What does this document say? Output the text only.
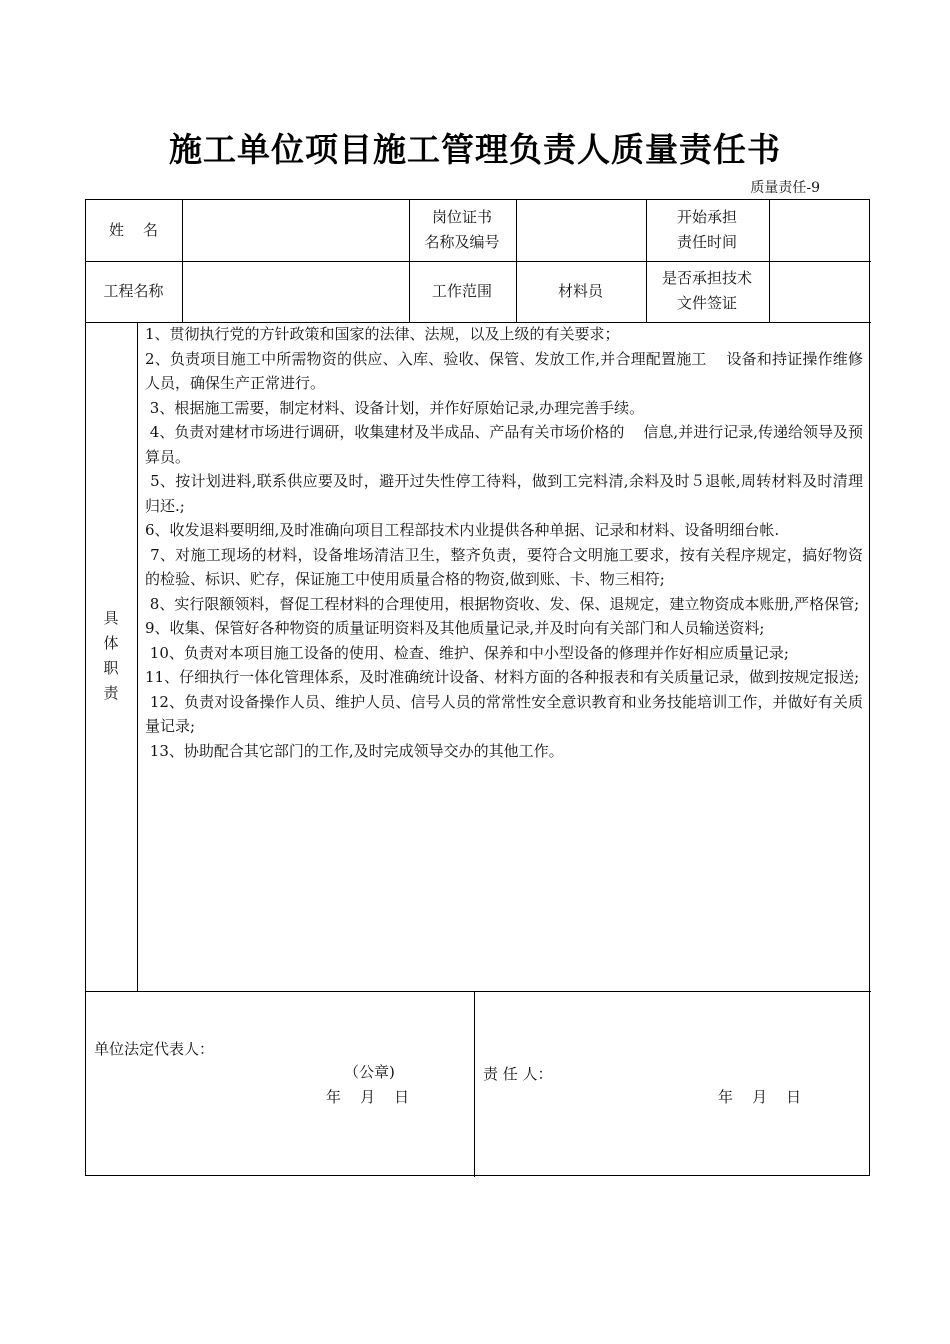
施工单位项目施工管理负责人质量责任书
质量责任-9
姓    名
岗位证书
名称及编号
开始承担
责任时间
工程名称	工作范围	材料员
是否承担技术
文件签证
具
体
职
责
1、贯彻执行党的方针政策和国家的法律、法规，以及上级的有关要求；
2、负责项目施工中所需物资的供应、入库、验收、保管、发放工作,并合理配置施工    设备和持证操作维修人员，确保生产正常进行。
3、根据施工需要，制定材料、设备计划，并作好原始记录,办理完善手续。
4、负责对建材市场进行调研，收集建材及半成品、产品有关市场价格的    信息,并进行记录,传递给领导及预算员。
5、按计划进料,联系供应要及时，避开过失性停工待料，做到工完料清,余料及时５退帐,周转材料及时清理归还.;
6、收发退料要明细,及时准确向项目工程部技术内业提供各种单据、记录和材料、设备明细台帐.
7、对施工现场的材料，设备堆场清洁卫生，整齐负责，要符合文明施工要求，按有关程序规定，搞好物资的检验、标识、贮存，保证施工中使用质量合格的物资,做到账、卡、物三相符;
8、实行限额领料，督促工程材料的合理使用，根据物资收、发、保、退规定，建立物资成本账册,严格保管;
9、收集、保管好各种物资的质量证明资料及其他质量记录,并及时向有关部门和人员输送资料;
10、负责对本项目施工设备的使用、检查、维护、保养和中小型设备的修理并作好相应质量记录;
11、仔细执行一体化管理体系，及时准确统计设备、材料方面的各种报表和有关质量记录，做到按规定报送;
12、负责对设备操作人员、维护人员、信号人员的常常性安全意识教育和业务技能培训工作，并做好有关质量记录;
13、协助配合其它部门的工作,及时完成领导交办的其他工作。
单位法定代表人：
（公章)
年    月    日
责 任 人：
年    月    日
